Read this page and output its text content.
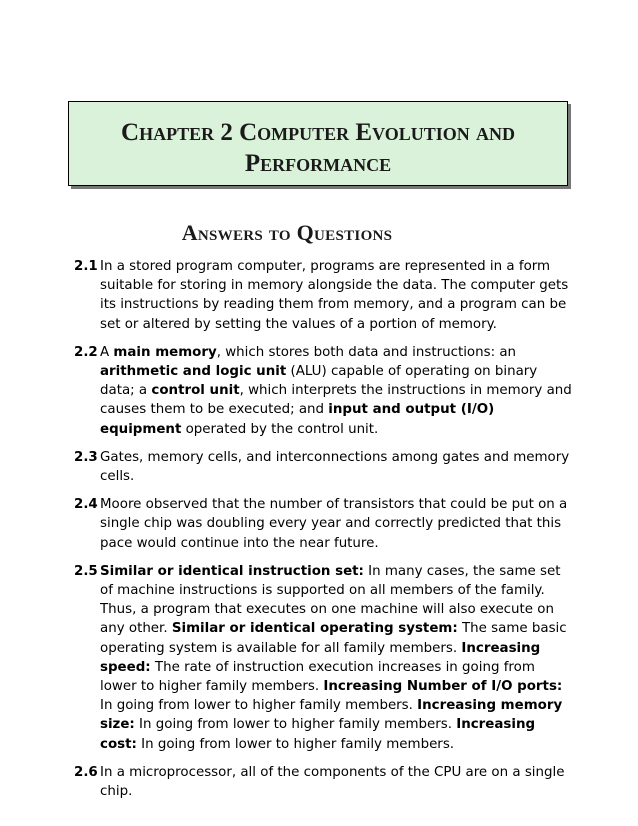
Chapter 2 Computer Evolution and
Performance
Answers to Questions
2.1 In a stored program computer, programs are represented in a form suitable for storing in memory alongside the data. The computer gets its instructions by reading them from memory, and a program can be set or altered by setting the values of a portion of memory.
2.2 A main memory, which stores both data and instructions: an arithmetic and logic unit (ALU) capable of operating on binary data; a control unit, which interprets the instructions in memory and causes them to be executed; and input and output (I/O) equipment operated by the control unit.
2.3 Gates, memory cells, and interconnections among gates and memory cells.
2.4 Moore observed that the number of transistors that could be put on a single chip was doubling every year and correctly predicted that this pace would continue into the near future.
2.5 Similar or identical instruction set: In many cases, the same set of machine instructions is supported on all members of the family. Thus, a program that executes on one machine will also execute on any other. Similar or identical operating system: The same basic operating system is available for all family members. Increasing speed: The rate of instruction execution increases in going from lower to higher family members. Increasing Number of I/O ports: In going from lower to higher family members. Increasing memory size: In going from lower to higher family members. Increasing cost: In going from lower to higher family members.
2.6 In a microprocessor, all of the components of the CPU are on a single chip.
